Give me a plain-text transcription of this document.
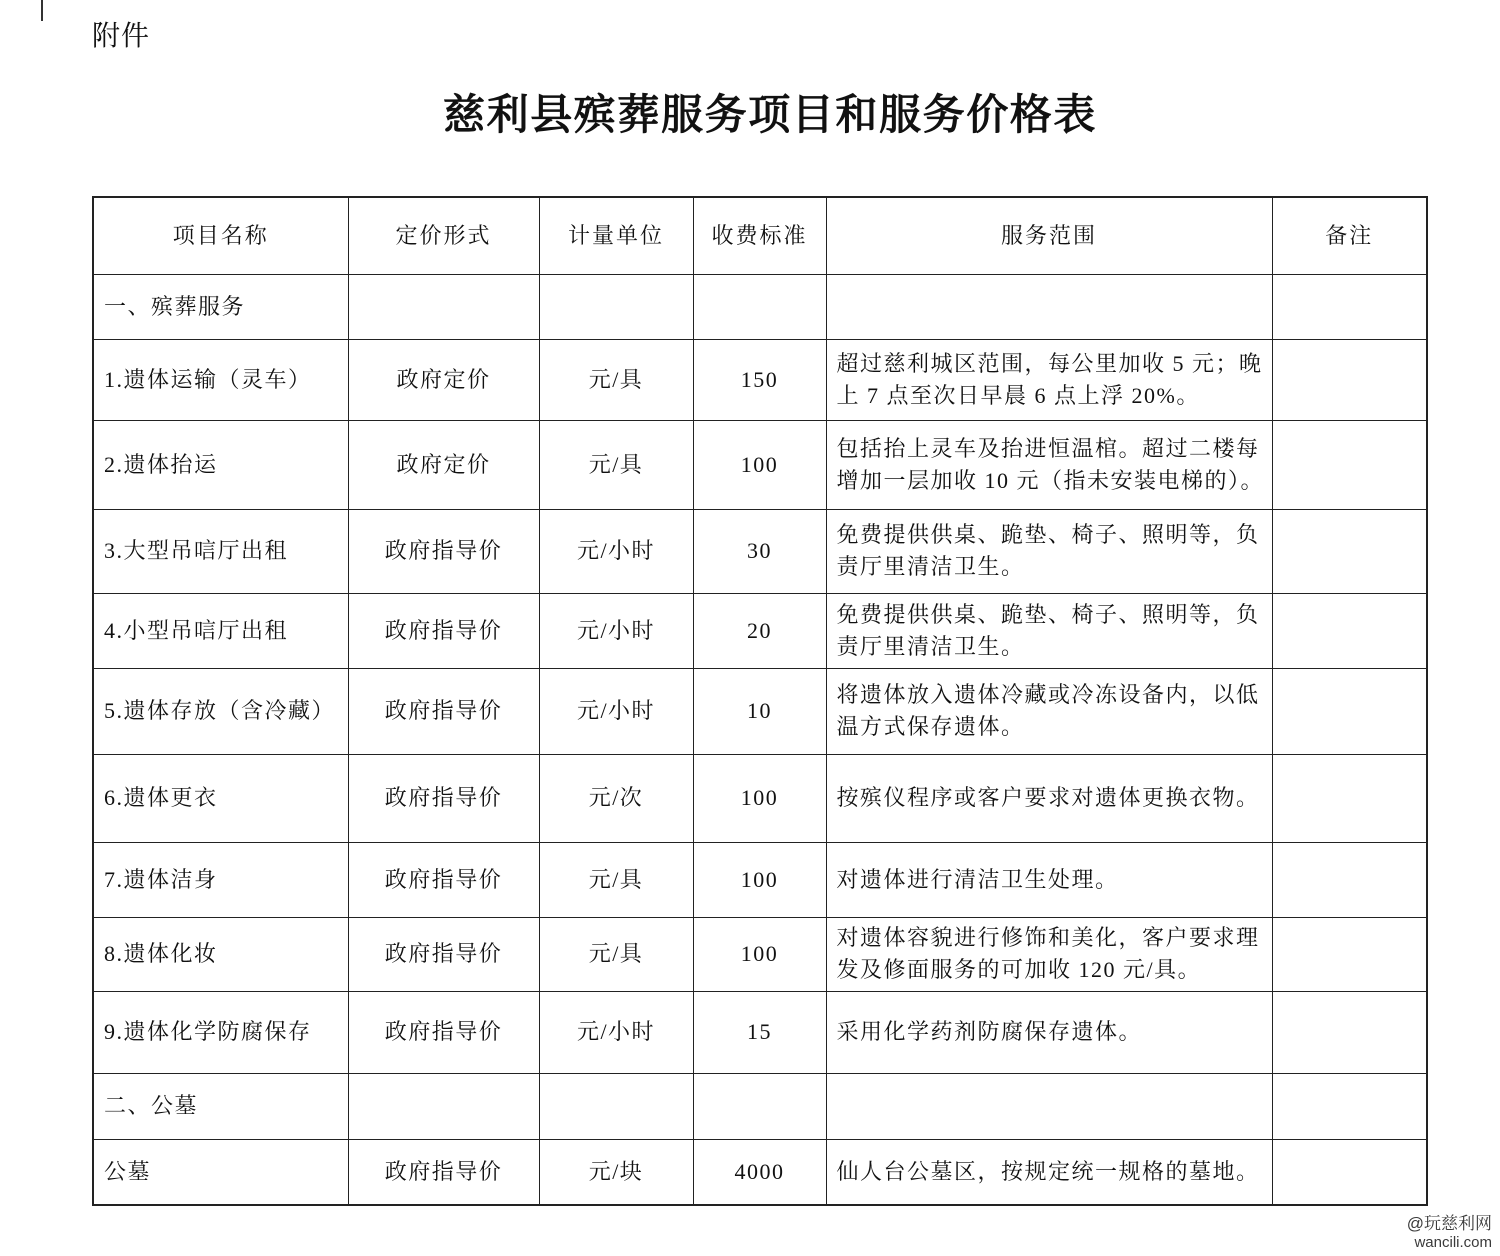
附件
慈利县殡葬服务项目和服务价格表
项目名称	定价形式	计量单位	收费标准	服务范围	备注
一、殡葬服务					
1.遗体运输（灵车）	政府定价	元/具	150	超过慈利城区范围，每公里加收 5 元；晚
上 7 点至次日早晨 6 点上浮 20%。	

2.遗体抬运	政府定价	元/具	100	包括抬上灵车及抬进恒温棺。超过二楼每
增加一层加收 10 元（指未安装电梯的）。	

3.大型吊唁厅出租	政府指导价	元/小时	30	免费提供供桌、跪垫、椅子、照明等，负
责厅里清洁卫生。	

4.小型吊唁厅出租	政府指导价	元/小时	20	免费提供供桌、跪垫、椅子、照明等，负
责厅里清洁卫生。	

5.遗体存放（含冷藏）	政府指导价	元/小时	10	将遗体放入遗体冷藏或冷冻设备内，以低
温方式保存遗体。	

6.遗体更衣	政府指导价	元/次	100	按殡仪程序或客户要求对遗体更换衣物。	

7.遗体洁身	政府指导价	元/具	100	对遗体进行清洁卫生处理。	

8.遗体化妆	政府指导价	元/具	100	对遗体容貌进行修饰和美化，客户要求理
发及修面服务的可加收 120 元/具。	

9.遗体化学防腐保存	政府指导价	元/小时	15	采用化学药剂防腐保存遗体。	

二、公墓					
公墓	政府指导价	元/块	4000	仙人台公墓区，按规定统一规格的墓地。	

@玩慈利网
wancili.com
